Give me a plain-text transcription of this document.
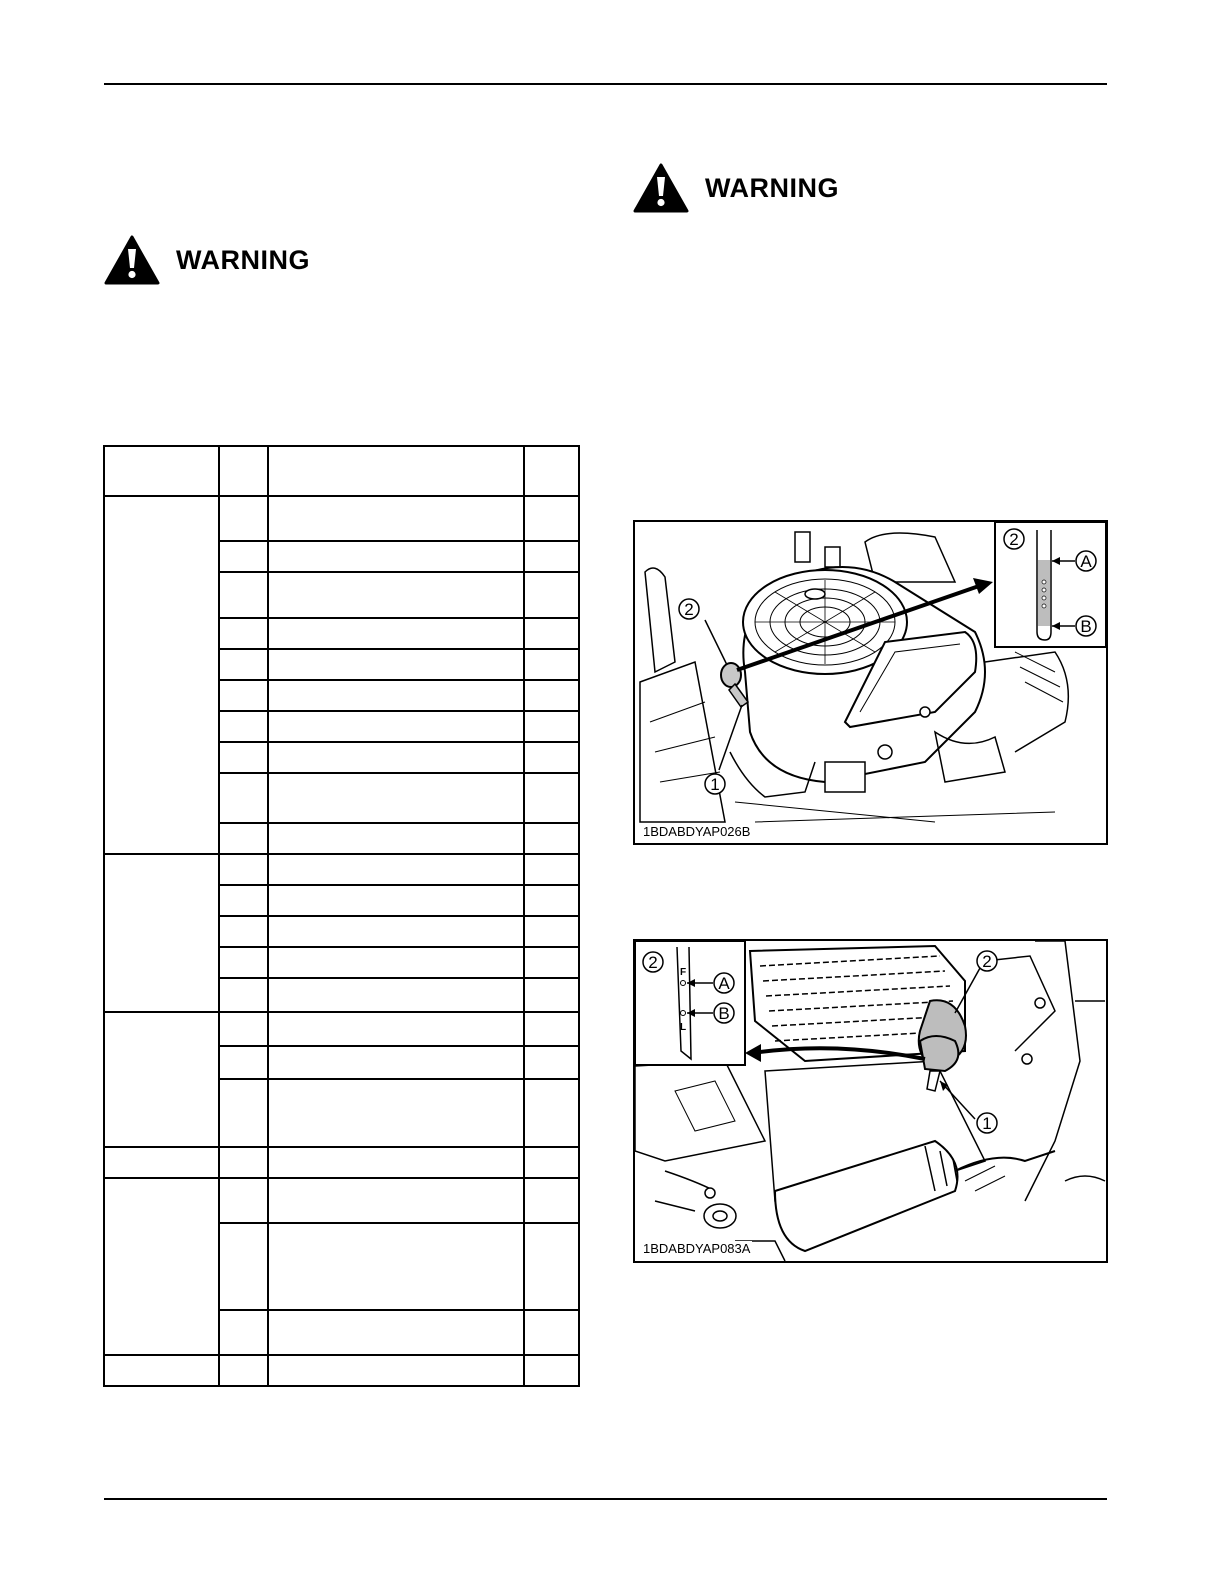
WARNING
WARNING

2
1
2
A
B
1BDABDYAP026B
2
1
2
F
L
A
B
1BDABDYAP083A
